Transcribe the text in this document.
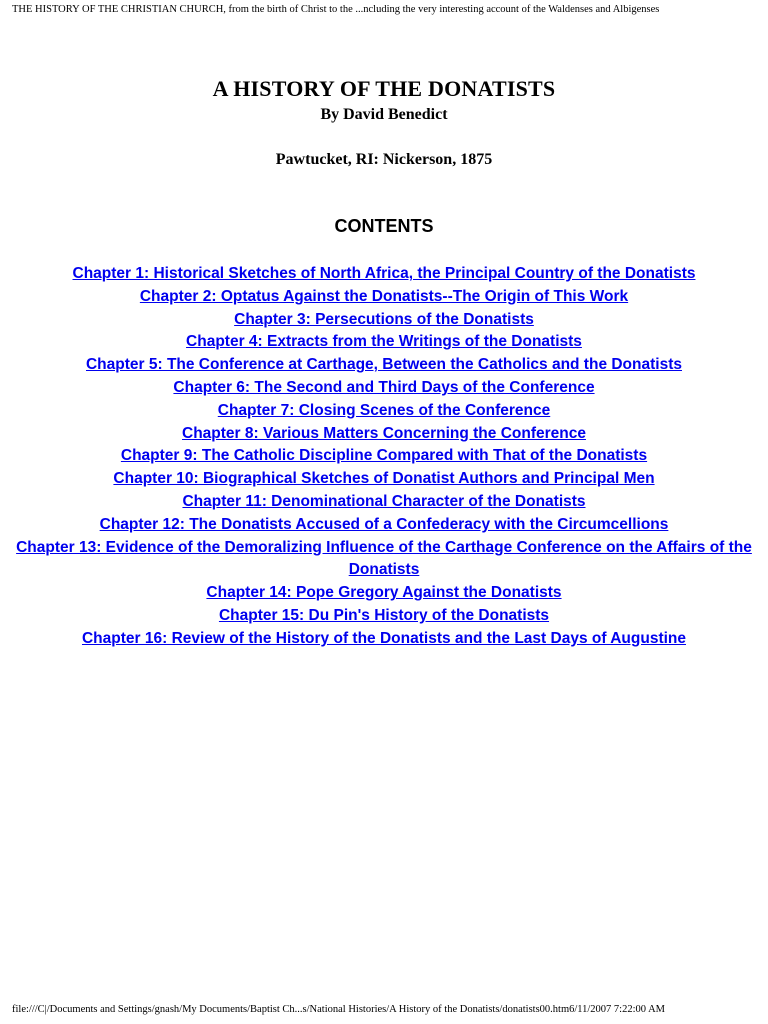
THE HISTORY OF THE CHRISTIAN CHURCH, from the birth of Christ to the ...ncluding the very interesting account of the Waldenses and Albigenses
A HISTORY OF THE DONATISTS
By David Benedict
Pawtucket, RI: Nickerson, 1875
CONTENTS
Chapter 1: Historical Sketches of North Africa, the Principal Country of the Donatists
Chapter 2: Optatus Against the Donatists--The Origin of This Work
Chapter 3: Persecutions of the Donatists
Chapter 4: Extracts from the Writings of the Donatists
Chapter 5: The Conference at Carthage, Between the Catholics and the Donatists
Chapter 6: The Second and Third Days of the Conference
Chapter 7: Closing Scenes of the Conference
Chapter 8: Various Matters Concerning the Conference
Chapter 9: The Catholic Discipline Compared with That of the Donatists
Chapter 10: Biographical Sketches of Donatist Authors and Principal Men
Chapter 11: Denominational Character of the Donatists
Chapter 12: The Donatists Accused of a Confederacy with the Circumcellions
Chapter 13: Evidence of the Demoralizing Influence of the Carthage Conference on the Affairs of the Donatists
Chapter 14: Pope Gregory Against the Donatists
Chapter 15: Du Pin's History of the Donatists
Chapter 16: Review of the History of the Donatists and the Last Days of Augustine
file:///C|/Documents and Settings/gnash/My Documents/Baptist Ch...s/National Histories/A History of the Donatists/donatists00.htm6/11/2007 7:22:00 AM
